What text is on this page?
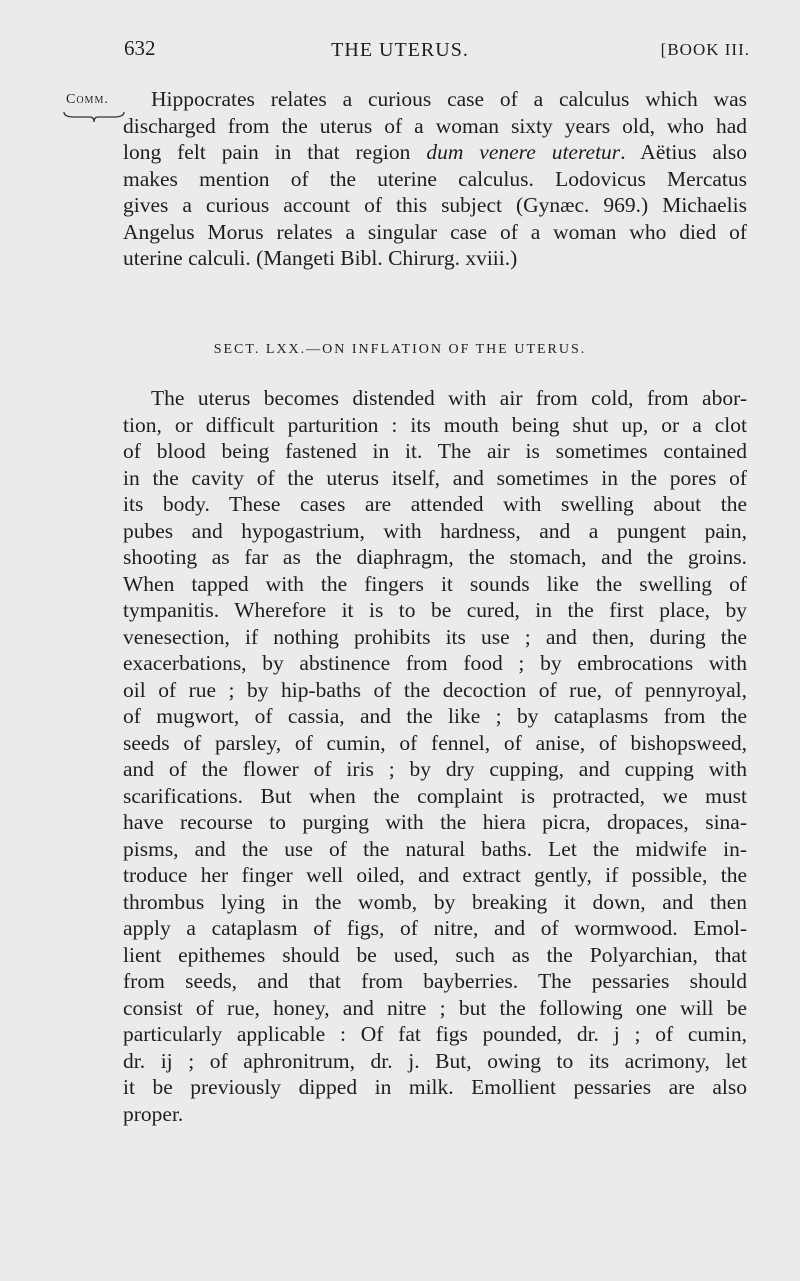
632	THE UTERUS.	[BOOK III.
Comm.	Hippocrates relates a curious case of a calculus which was
discharged from the uterus of a woman sixty years old, who had
long felt pain in that region dum venere uteretur. Aëtius also
makes mention of the uterine calculus. Lodovicus Mercatus
gives a curious account of this subject (Gynæc. 969.) Michaelis
Angelus Morus relates a singular case of a woman who died of
uterine calculi. (Mangeti Bibl. Chirurg. xviii.)
SECT. LXX.—ON INFLATION OF THE UTERUS.
The uterus becomes distended with air from cold, from abor-
tion, or difficult parturition : its mouth being shut up, or a clot
of blood being fastened in it. The air is sometimes contained
in the cavity of the uterus itself, and sometimes in the pores of
its body. These cases are attended with swelling about the
pubes and hypogastrium, with hardness, and a pungent pain,
shooting as far as the diaphragm, the stomach, and the groins.
When tapped with the fingers it sounds like the swelling of
tympanitis. Wherefore it is to be cured, in the first place, by
venesection, if nothing prohibits its use ; and then, during the
exacerbations, by abstinence from food ; by embrocations with
oil of rue ; by hip-baths of the decoction of rue, of pennyroyal,
of mugwort, of cassia, and the like ; by cataplasms from the
seeds of parsley, of cumin, of fennel, of anise, of bishopsweed,
and of the flower of iris ; by dry cupping, and cupping with
scarifications. But when the complaint is protracted, we must
have recourse to purging with the hiera picra, dropaces, sina-
pisms, and the use of the natural baths. Let the midwife in-
troduce her finger well oiled, and extract gently, if possible, the
thrombus lying in the womb, by breaking it down, and then
apply a cataplasm of figs, of nitre, and of wormwood. Emol-
lient epithemes should be used, such as the Polyarchian, that
from seeds, and that from bayberries. The pessaries should
consist of rue, honey, and nitre ; but the following one will be
particularly applicable : Of fat figs pounded, dr. j ; of cumin,
dr. ij ; of aphronitrum, dr. j. But, owing to its acrimony, let
it be previously dipped in milk. Emollient pessaries are also
proper.
